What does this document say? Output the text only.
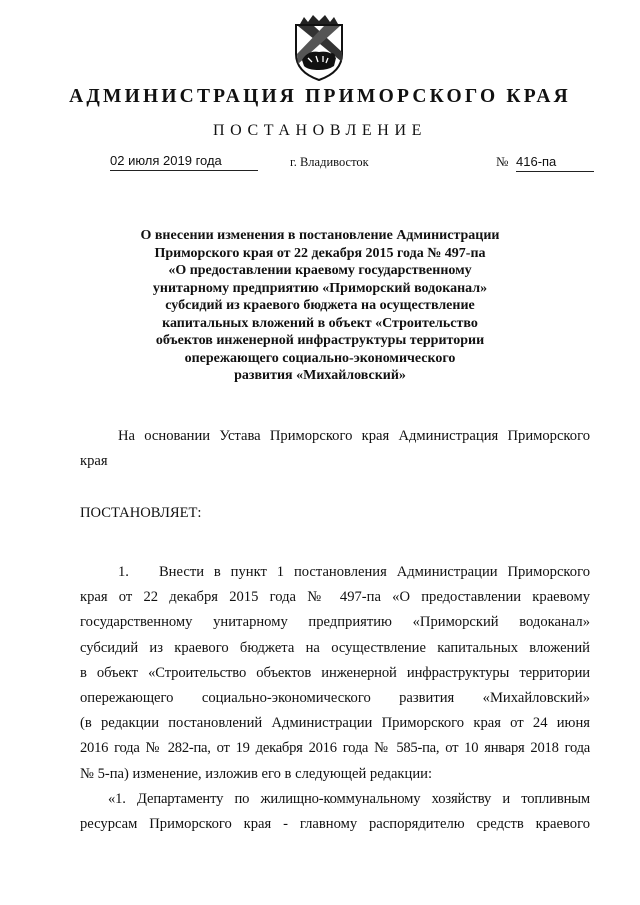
АДМИНИСТРАЦИЯ ПРИМОРСКОГО КРАЯ
ПОСТАНОВЛЕНИЕ
02 июля 2019 года	г. Владивосток	№ 416-па
О внесении изменения в постановление Администрации
Приморского края от 22 декабря 2015 года № 497-па
«О предоставлении краевому государственному
унитарному предприятию «Приморский водоканал»
субсидий из краевого бюджета на осуществление
капитальных вложений в объект «Строительство
объектов инженерной инфраструктуры территории
опережающего социально-экономического
развития «Михайловский»
На основании Устава Приморского края Администрация Приморского
края
ПОСТАНОВЛЯЕТ:
1. Внести в пункт 1 постановления Администрации Приморского
края от 22 декабря 2015 года № 497-па «О предоставлении краевому
государственному унитарному предприятию «Приморский водоканал»
субсидий из краевого бюджета на осуществление капитальных вложений
в объект «Строительство объектов инженерной инфраструктуры территории
опережающего социально-экономического развития «Михайловский»
(в редакции постановлений Администрации Приморского края от 24 июня
2016 года № 282-па, от 19 декабря 2016 года № 585-па, от 10 января 2018 года
№ 5-па) изменение, изложив его в следующей редакции:
«1. Департаменту по жилищно-коммунальному хозяйству и топливным
ресурсам Приморского края - главному распорядителю средств краевого
